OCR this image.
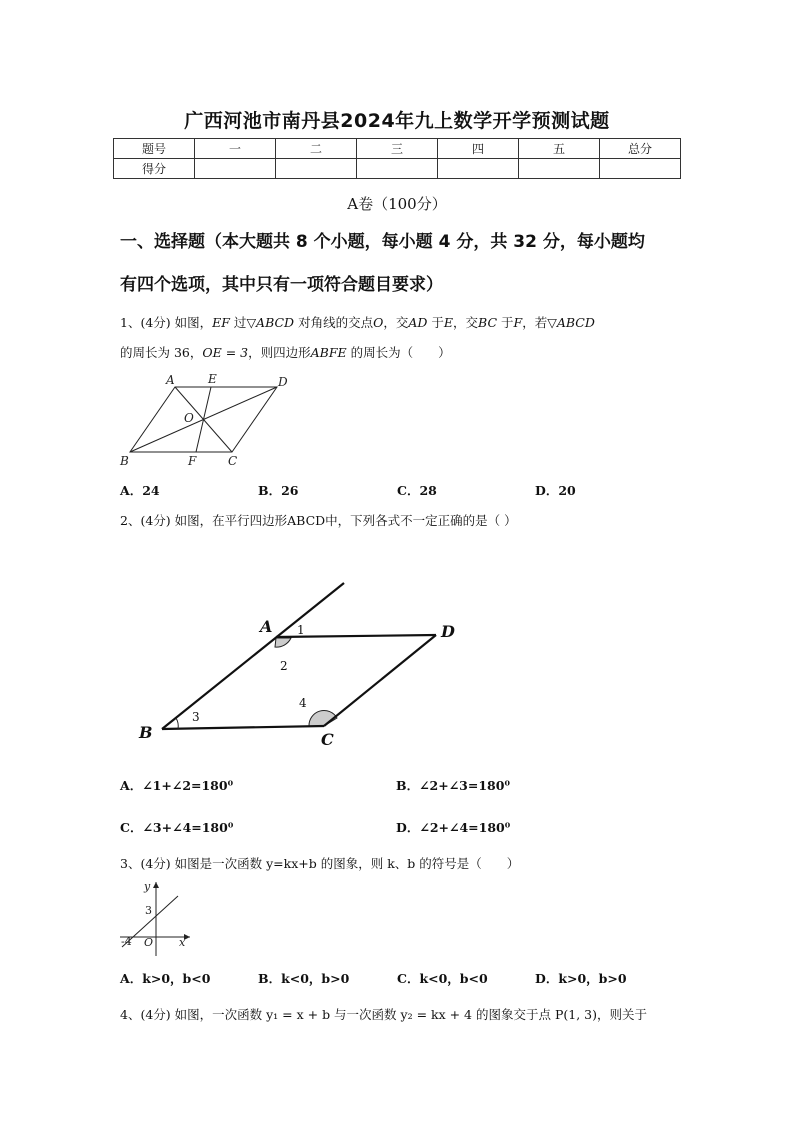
广西河池市南丹县2024年九上数学开学预测试题
题号	一	二	三	四	五	总分
得分						
A卷（100分）
一、选择题（本大题共 8 个小题，每小题 4 分，共 32 分，每小题均
有四个选项，其中只有一项符合题目要求）
1、(4分) 如图，EF 过▽ABCD 对角线的交点O，交AD 于E，交BC 于F，若▽ABCD
的周长为 36，OE = 3，则四边形ABFE 的周长为（　　）
A	E	D
O
B	F	C
A．24	B．26	C．28	D．20
2、(4分) 如图，在平行四边形ABCD中，下列各式不一定正确的是（ ）
A	D
B	C
1
2
3
4
A．∠1+∠2=180⁰	B．∠2+∠3=180⁰
C．∠3+∠4=180⁰	D．∠2+∠4=180⁰
3、(4分) 如图是一次函数 y=kx+b 的图象，则 k、b 的符号是（　　）
y
3
-4 O x
A．k>0，b<0	B．k<0，b>0	C．k<0，b<0	D．k>0，b>0
4、(4分) 如图，一次函数 y₁ = x + b 与一次函数 y₂ = kx + 4 的图象交于点 P(1, 3)，则关于
